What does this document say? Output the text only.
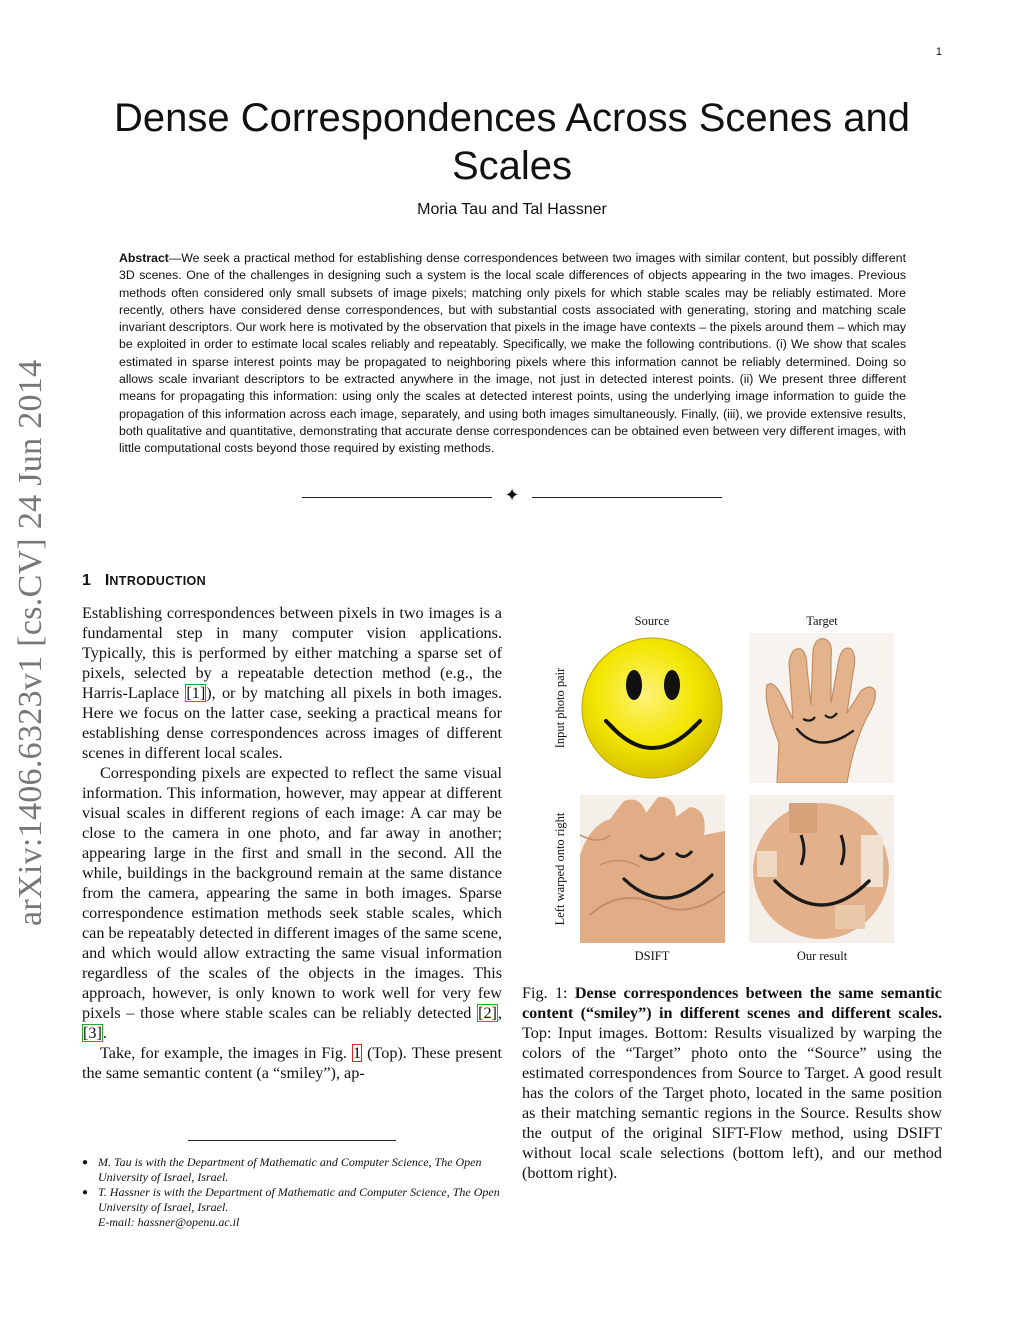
1
Dense Correspondences Across Scenes and Scales
Moria Tau and Tal Hassner
Abstract—We seek a practical method for establishing dense correspondences between two images with similar content, but possibly different 3D scenes. One of the challenges in designing such a system is the local scale differences of objects appearing in the two images. Previous methods often considered only small subsets of image pixels; matching only pixels for which stable scales may be reliably estimated. More recently, others have considered dense correspondences, but with substantial costs associated with generating, storing and matching scale invariant descriptors. Our work here is motivated by the observation that pixels in the image have contexts – the pixels around them – which may be exploited in order to estimate local scales reliably and repeatably. Specifically, we make the following contributions. (i) We show that scales estimated in sparse interest points may be propagated to neighboring pixels where this information cannot be reliably determined. Doing so allows scale invariant descriptors to be extracted anywhere in the image, not just in detected interest points. (ii) We present three different means for propagating this information: using only the scales at detected interest points, using the underlying image information to guide the propagation of this information across each image, separately, and using both images simultaneously. Finally, (iii), we provide extensive results, both qualitative and quantitative, demonstrating that accurate dense correspondences can be obtained even between very different images, with little computational costs beyond those required by existing methods.
✦
arXiv:1406.6323v1 [cs.CV] 24 Jun 2014	1 INTRODUCTION

Establishing correspondences between pixels in two images is a fundamental step in many computer vision applications. Typically, this is performed by either matching a sparse set of pixels, selected by a repeatable detection method (e.g., the Harris-Laplace [1]), or by matching all pixels in both images. Here we focus on the latter case, seeking a practical means for establishing dense correspondences across images of different scenes in different local scales.

Corresponding pixels are expected to reflect the same visual information. This information, however, may appear at different visual scales in different regions of each image: A car may be close to the camera in one photo, and far away in another; appearing large in the first and small in the second. All the while, buildings in the background remain at the same distance from the camera, appearing the same in both images. Sparse correspondence estimation methods seek stable scales, which can be repeatably detected in different images of the same scene, and which would allow extracting the same visual information regardless of the scales of the objects in the images. This approach, however, is only known to work well for very few pixels – those where stable scales can be reliably detected [2], [3].

Take, for example, the images in Fig. 1 (Top). These present the same semantic content (a “smiley”), ap-

● M. Tau is with the Department of Mathematic and Computer Science, The Open University of Israel, Israel.
● T. Hassner is with the Department of Mathematic and Computer Science, The Open University of Israel, Israel.
E-mail: hassner@openu.ac.il
Source	Target
Input photo pair
Left warped onto right
DSIFT	Our result
Fig. 1: Dense correspondences between the same semantic content (“smiley”) in different scenes and different scales. Top: Input images. Bottom: Results visualized by warping the colors of the “Target” photo onto the “Source” using the estimated correspondences from Source to Target. A good result has the colors of the Target photo, located in the same position as their matching semantic regions in the Source. Results show the output of the original SIFT-Flow method, using DSIFT without local scale selections (bottom left), and our method (bottom right).
